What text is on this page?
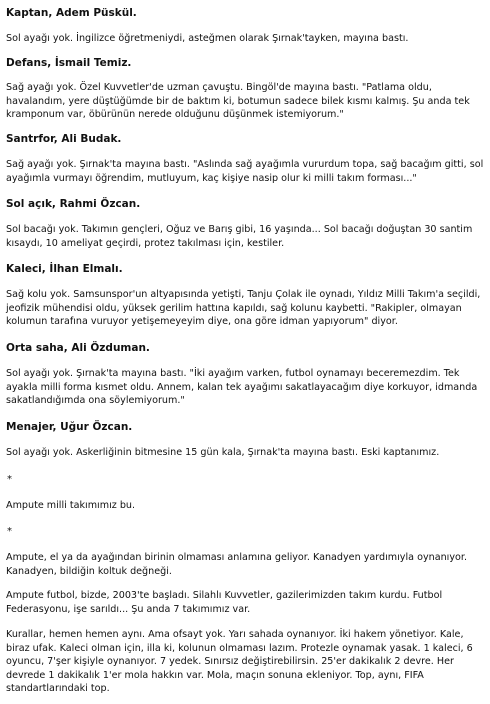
Kaptan, Adem Püskül.

Sol ayağı yok. İngilizce öğretmeniydi, asteğmen olarak Şırnak'tayken, mayına bastı.

Defans, İsmail Temiz.

Sağ ayağı yok. Özel Kuvvetler'de uzman çavuştu. Bingöl'de mayına bastı. "Patlama oldu, havalandım, yere düştüğümde bir de baktım ki, botumun sadece bilek kısmı kalmış. Şu anda tek kramponum var, öbürünün nerede olduğunu düşünmek istemiyorum."

Santrfor, Ali Budak.

Sağ ayağı yok. Şırnak'ta mayına bastı. "Aslında sağ ayağımla vururdum topa, sağ bacağım gitti, sol ayağımla vurmayı öğrendim, mutluyum, kaç kişiye nasip olur ki milli takım forması..."

Sol açık, Rahmi Özcan.

Sol bacağı yok. Takımın gençleri, Oğuz ve Barış gibi, 16 yaşında... Sol bacağı doğuştan 30 santim kısaydı, 10 ameliyat geçirdi, protez takılması için, kestiler.

Kaleci, İlhan Elmalı.

Sağ kolu yok. Samsunspor'un altyapısında yetişti, Tanju Çolak ile oynadı, Yıldız Milli Takım'a seçildi, jeofizik mühendisi oldu, yüksek gerilim hattına kapıldı, sağ kolunu kaybetti. "Rakipler, olmayan kolumun tarafına vuruyor yetişemeyeyim diye, ona göre idman yapıyorum" diyor.

Orta saha, Ali Özduman.

Sol ayağı yok. Şırnak'ta mayına bastı. "İki ayağım varken, futbol oynamayı beceremezdim. Tek ayakla milli forma kısmet oldu. Annem, kalan tek ayağımı sakatlayacağım diye korkuyor, idmanda sakatlandığımda ona söylemiyorum."

Menajer, Uğur Özcan.

Sol ayağı yok. Askerliğinin bitmesine 15 gün kala, Şırnak'ta mayına bastı. Eski kaptanımız.

*

Ampute milli takımımız bu.

*

Ampute, el ya da ayağından birinin olmaması anlamına geliyor. Kanadyen yardımıyla oynanıyor. Kanadyen, bildiğin koltuk değneği.

Ampute futbol, bizde, 2003'te başladı. Silahlı Kuvvetler, gazilerimizden takım kurdu. Futbol Federasyonu, işe sarıldı... Şu anda 7 takımımız var.

Kurallar, hemen hemen aynı. Ama ofsayt yok. Yarı sahada oynanıyor. İki hakem yönetiyor. Kale, biraz ufak. Kaleci olman için, illa ki, kolunun olmaması lazım. Protezle oynamak yasak. 1 kaleci, 6 oyuncu, 7'şer kişiyle oynanıyor. 7 yedek. Sınırsız değiştirebilirsin. 25'er dakikalık 2 devre. Her devrede 1 dakikalık 1'er mola hakkın var. Mola, maçın sonuna ekleniyor. Top, aynı, FIFA standartlarındaki top.
